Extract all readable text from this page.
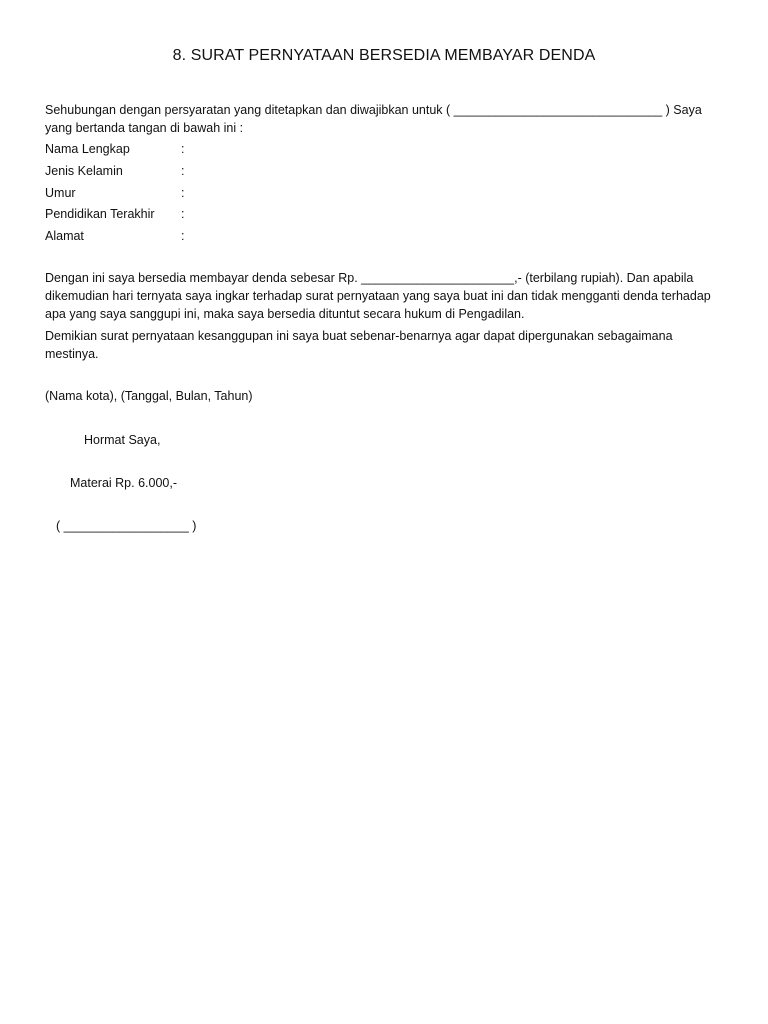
8. SURAT PERNYATAAN BERSEDIA MEMBAYAR DENDA
Sehubungan dengan persyaratan yang ditetapkan dan diwajibkan untuk ( ______________________________ ) Saya yang bertanda tangan di bawah ini :
Nama Lengkap	:
Jenis Kelamin	:
Umur	:
Pendidikan Terakhir :
Alamat	:
Dengan ini saya bersedia membayar denda sebesar Rp. ______________________,- (terbilang rupiah). Dan apabila dikemudian hari ternyata saya ingkar terhadap surat pernyataan yang saya buat ini dan tidak mengganti denda terhadap apa yang saya sanggupi ini, maka saya bersedia dituntut secara hukum di Pengadilan.
Demikian surat pernyataan kesanggupan ini saya buat sebenar-benarnya agar dapat dipergunakan sebagaimana mestinya.
(Nama kota), (Tanggal, Bulan, Tahun)
Hormat Saya,
Materai Rp. 6.000,-
( __________________ )
